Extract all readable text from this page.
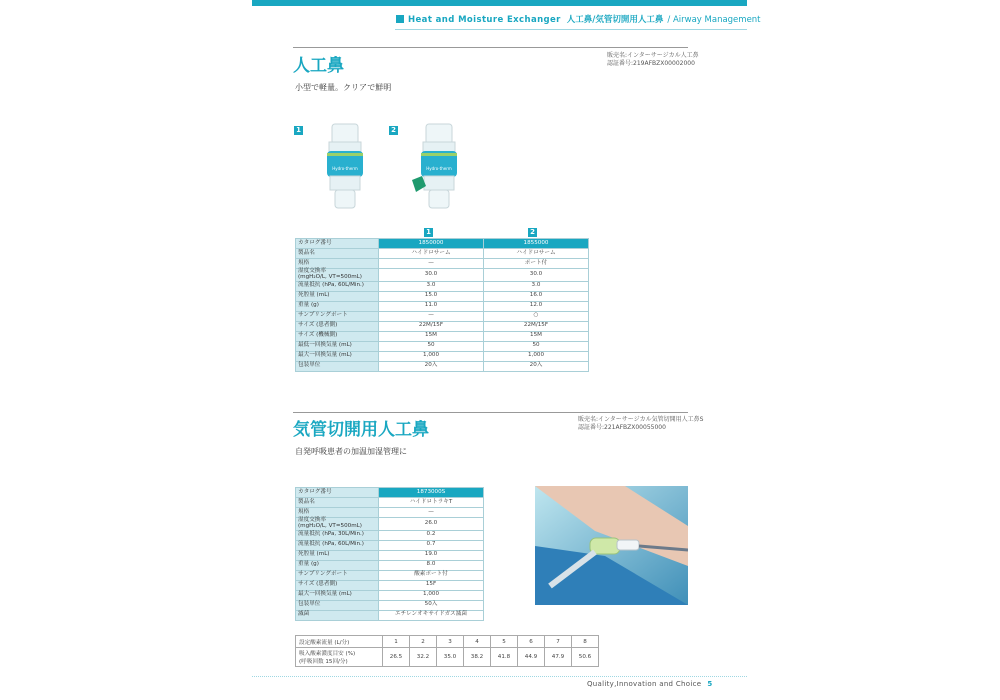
Heat and Moisture Exchanger 人工鼻/気管切開用人工鼻 / Airway Management
人工鼻
販売名:インターサージカル人工鼻
認証番号:219AFBZX00002000
小型で軽量。クリアで鮮明
1	2
Hydro-therm	Hydro-therm
1	2
カタログ番号	1850000	1855000
製品名	ハイドロサーム	ハイドロサーム
規格	—	ポート付
湿度交換率
(mgH₂O/L, VT=500mL)	30.0	30.0
流量抵抗 (hPa, 60L/Min.)	3.0	3.0
死腔量 (mL)	15.0	16.0
重量 (g)	11.0	12.0
サンプリングポート	—	○
サイズ (患者側)	22M/15F	22M/15F
サイズ (機械側)	15M	15M
最低一回換気量 (mL)	50	50
最大一回換気量 (mL)	1,000	1,000
包装単位	20入	20入
気管切開用人工鼻
販売名:インターサージカル気管切開用人工鼻S
認証番号:221AFBZX00055000
自発呼吸患者の加温加湿管理に
カタログ番号	1873000S
製品名	ハイドロトラキT
規格	—
湿度交換率
(mgH₂O/L, VT=500mL)	26.0
流量抵抗 (hPa, 30L/Min.)	0.2
流量抵抗 (hPa, 60L/Min.)	0.7
死腔量 (mL)	19.0
重量 (g)	8.0
サンプリングポート	酸素ポート付
サイズ (患者側)	15F
最大一回換気量 (mL)	1,000
包装単位	50入
滅菌	エチレンオキサイドガス滅菌
設定酸素流量 (L/分)	1	2	3	4	5	6	7	8
吸入酸素濃度目安 (%)
(呼吸回数 15回/分)	26.5	32.2	35.0	38.2	41.8	44.9	47.9	50.6
Quality,Innovation and Choice 5
